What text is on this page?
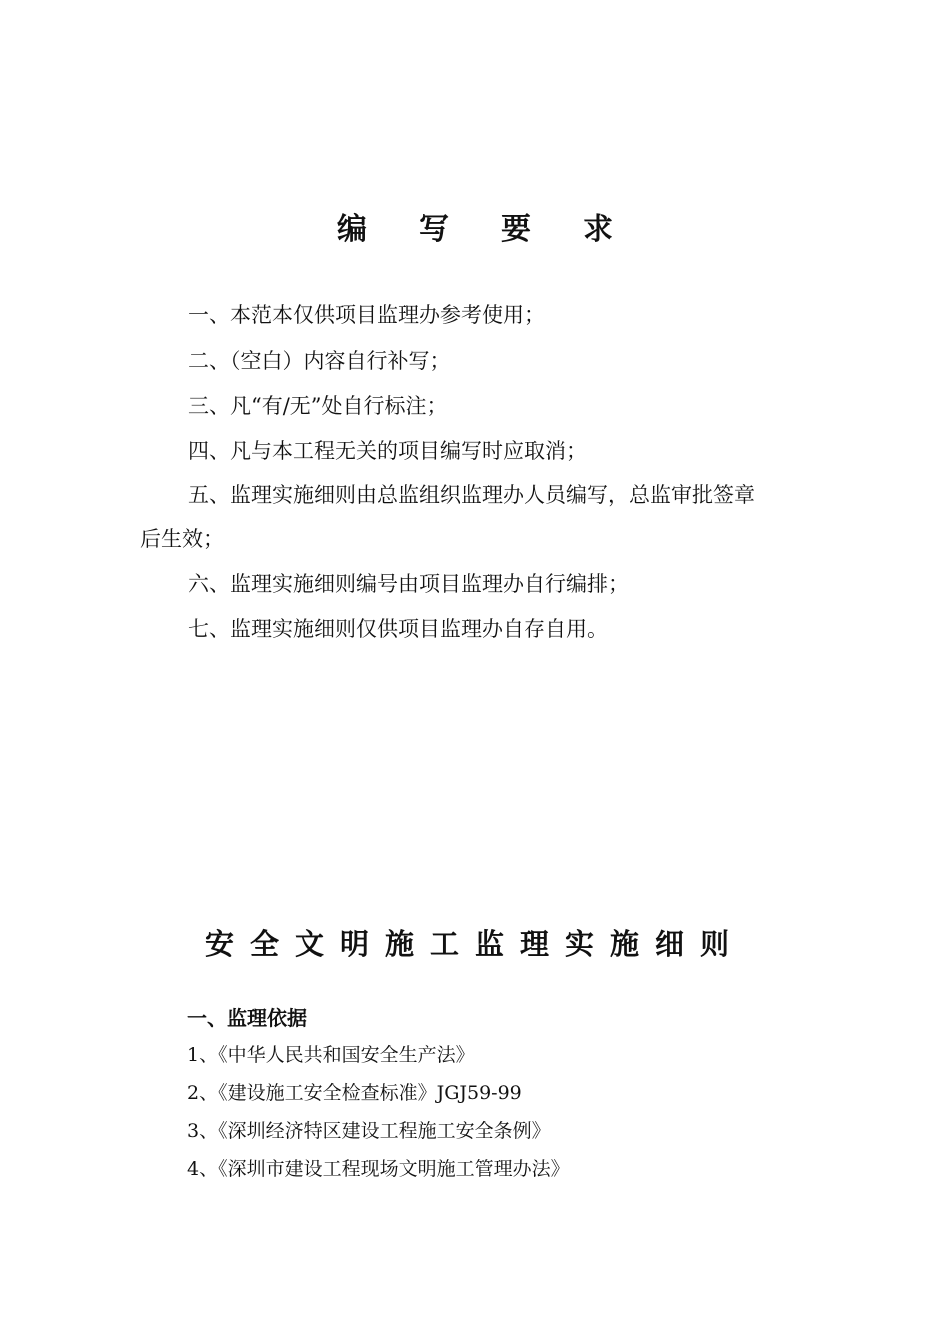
编写要求
一、本范本仅供项目监理办参考使用；
二、（空白）内容自行补写；
三、凡“有/无”处自行标注；
四、凡与本工程无关的项目编写时应取消；
五、监理实施细则由总监组织监理办人员编写，总监审批签章
后生效；
六、监理实施细则编号由项目监理办自行编排；
七、监理实施细则仅供项目监理办自存自用。
安全文明施工监理实施细则
一、监理依据
1、《中华人民共和国安全生产法》
2、《建设施工安全检查标准》JGJ59-99
3、《深圳经济特区建设工程施工安全条例》
4、《深圳市建设工程现场文明施工管理办法》
